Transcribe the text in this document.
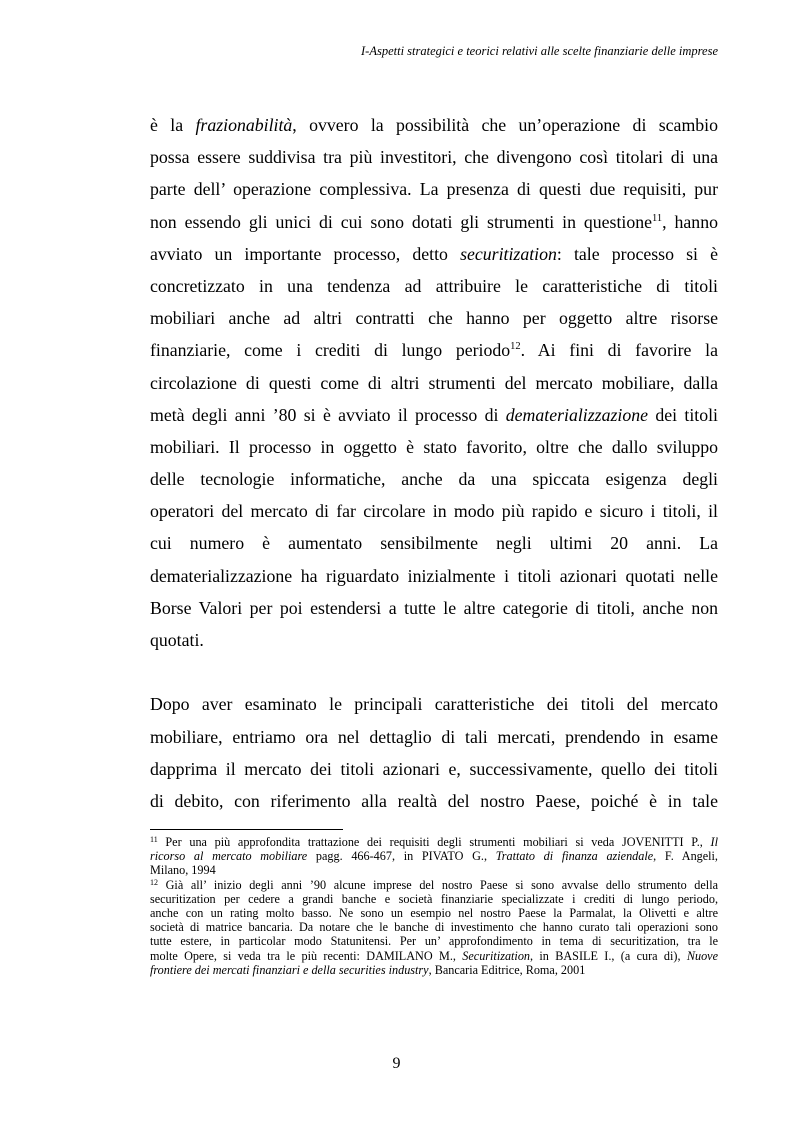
I-Aspetti strategici e teorici relativi alle scelte finanziarie delle imprese
è la frazionabilità, ovvero la possibilità che un’operazione di scambio
possa essere suddivisa tra più investitori, che divengono così titolari di una
parte dell’ operazione complessiva. La presenza di questi due requisiti, pur
non essendo gli unici di cui sono dotati gli strumenti in questione$^{11}$, hanno
avviato un importante processo, detto securitization: tale processo si è
concretizzato in una tendenza ad attribuire le caratteristiche di titoli
mobiliari anche ad altri contratti che hanno per oggetto altre risorse
finanziarie, come i crediti di lungo periodo$^{12}$. Ai fini di favorire la
circolazione di questi come di altri strumenti del mercato mobiliare, dalla
metà degli anni ’80 si è avviato il processo di dematerializzazione dei titoli
mobiliari. Il processo in oggetto è stato favorito, oltre che dallo sviluppo
delle tecnologie informatiche, anche da una spiccata esigenza degli
operatori del mercato di far circolare in modo più rapido e sicuro i titoli, il
cui numero è aumentato sensibilmente negli ultimi 20 anni. La
dematerializzazione ha riguardato inizialmente i titoli azionari quotati nelle
Borse Valori per poi estendersi a tutte le altre categorie di titoli, anche non
quotati.
Dopo aver esaminato le principali caratteristiche dei titoli del mercato
mobiliare, entriamo ora nel dettaglio di tali mercati, prendendo in esame
dapprima il mercato dei titoli azionari e, successivamente, quello dei titoli
di debito, con riferimento alla realtà del nostro Paese, poiché è in tale
$^{11}$ Per una più approfondita trattazione dei requisiti degli strumenti mobiliari si veda JOVENITTI P., Il
ricorso al mercato mobiliare pagg. 466-467, in PIVATO G., Trattato di finanza aziendale, F. Angeli,
Milano, 1994
$^{12}$ Già all’ inizio degli anni ’90 alcune imprese del nostro Paese si sono avvalse dello strumento della
securitization per cedere a grandi banche e società finanziarie specializzate i crediti di lungo periodo,
anche con un rating molto basso. Ne sono un esempio nel nostro Paese la Parmalat, la Olivetti e altre
società di matrice bancaria. Da notare che le banche di investimento che hanno curato tali operazioni sono
tutte estere, in particolar modo Statunitensi. Per un’ approfondimento in tema di securitization, tra le
molte Opere, si veda tra le più recenti: DAMILANO M., Securitization, in BASILE I., (a cura di), Nuove
frontiere dei mercati finanziari e della securities industry, Bancaria Editrice, Roma, 2001
9
